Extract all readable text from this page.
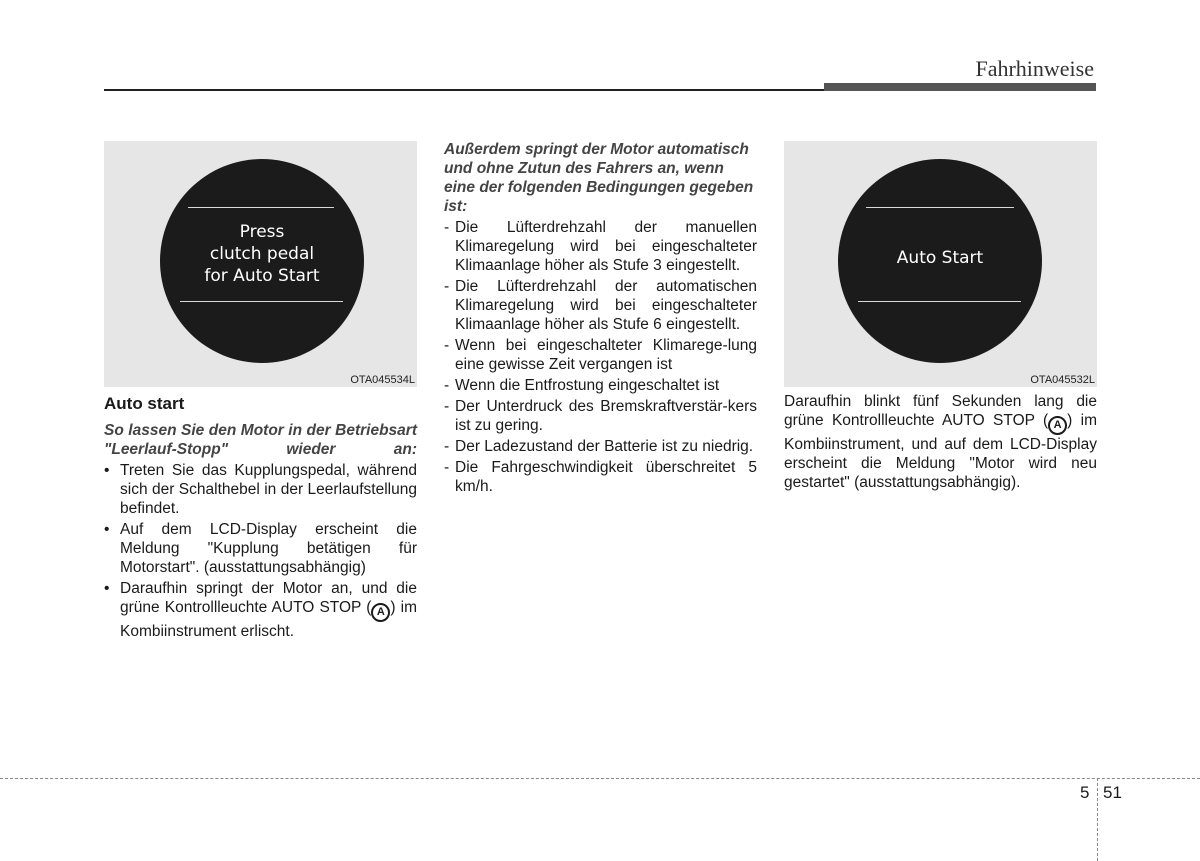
Fahrhinweise
Press
clutch pedal
for Auto Start
OTA045534L
Auto Start
OTA045532L
Auto start
So lassen Sie den Motor in der Betriebsart "Leerlauf-Stopp" wieder an:
• Treten Sie das Kupplungspedal, während sich der Schalthebel in der Leerlaufstellung befindet.
• Auf dem LCD-Display erscheint die Meldung "Kupplung betätigen für Motorstart". (ausstattungsabhängig)
• Daraufhin springt der Motor an, und die grüne Kontrollleuchte AUTO STOP ( A ) im Kombiinstrument erlischt.
Außerdem springt der Motor automatisch und ohne Zutun des Fahrers an, wenn eine der folgenden Bedingungen gegeben ist:
- Die Lüfterdrehzahl der manuellen Klimaregelung wird bei eingeschalteter Klimaanlage höher als Stufe 3 eingestellt.
- Die Lüfterdrehzahl der automatischen Klimaregelung wird bei eingeschalteter Klimaanlage höher als Stufe 6 eingestellt.
- Wenn bei eingeschalteter Klimarege-lung eine gewisse Zeit vergangen ist
- Wenn die Entfrostung eingeschaltet ist
- Der Unterdruck des Bremskraftverstär-kers ist zu gering.
- Der Ladezustand der Batterie ist zu niedrig.
- Die Fahrgeschwindigkeit überschreitet 5 km/h.
Daraufhin blinkt fünf Sekunden lang die grüne Kontrollleuchte AUTO STOP ( A ) im Kombiinstrument, und auf dem LCD-Display erscheint die Meldung "Motor wird neu gestartet" (ausstattungsabhängig).
5 51
